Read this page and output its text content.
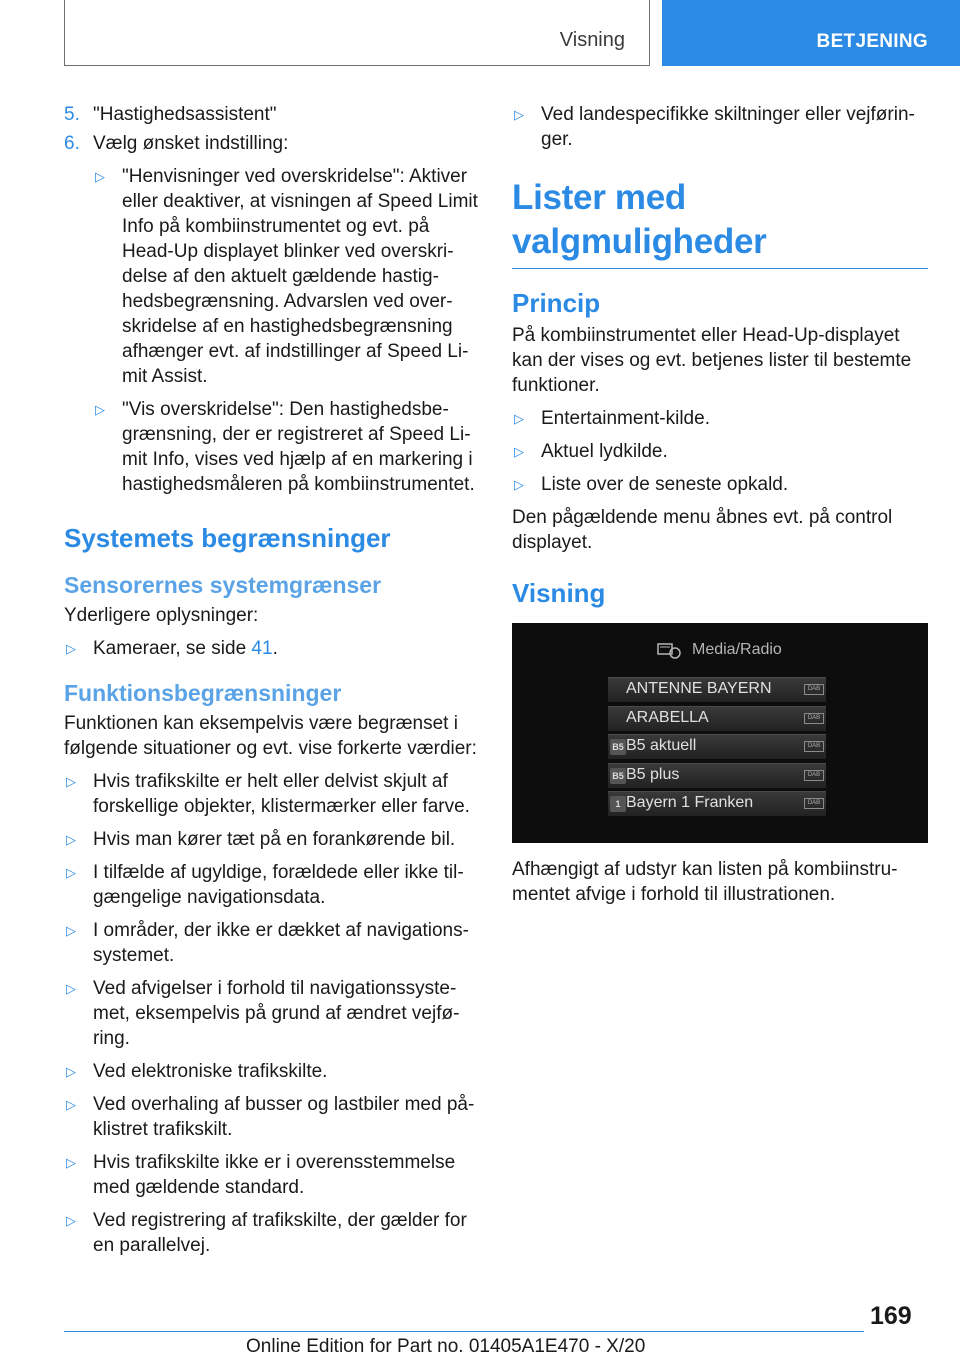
Visning	BETJENING
5. "Hastighedsassistent"
6. Vælg ønsket indstilling:
▷ "Henvisninger ved overskridelse": Aktiver eller deaktiver, at visningen af Speed Limit Info på kombiinstrumentet og evt. på Head-Up displayet blinker ved overskridelse af den aktuelt gældende hastighedsbegrænsning. Advarslen ved overskridelse af en hastighedsbegrænsning afhænger evt. af indstillinger af Speed Limit Assist.
▷ "Vis overskridelse": Den hastighedsbegrænsning, der er registreret af Speed Limit Info, vises ved hjælp af en markering i hastighedsmåleren på kombiinstrumentet.
Systemets begrænsninger
Sensorernes systemgrænser
Yderligere oplysninger:
▷ Kameraer, se side 41.
Funktionsbegrænsninger
Funktionen kan eksempelvis være begrænset i følgende situationer og evt. vise forkerte værdier:
▷ Hvis trafikskilte er helt eller delvist skjult af forskellige objekter, klistermærker eller farve.
▷ Hvis man kører tæt på en forankørende bil.
▷ I tilfælde af ugyldige, forældede eller ikke tilgængelige navigationsdata.
▷ I områder, der ikke er dækket af navigationssystemet.
▷ Ved afvigelser i forhold til navigationssystemet, eksempelvis på grund af ændret vejføring.
▷ Ved elektroniske trafikskilte.
▷ Ved overhaling af busser og lastbiler med påklistret trafikskilt.
▷ Hvis trafikskilte ikke er i overensstemmelse med gældende standard.
▷ Ved registrering af trafikskilte, der gælder for en parallelvej.
▷ Ved landespecifikke skiltninger eller vejføringer.
Lister med valgmuligheder
Princip
På kombiinstrumentet eller Head-Up-displayet kan der vises og evt. betjenes lister til bestemte funktioner.
▷ Entertainment-kilde.
▷ Aktuel lydkilde.
▷ Liste over de seneste opkald.
Den pågældende menu åbnes evt. på control displayet.
Visning
Media/Radio
ANTENNE BAYERN	DAB
ARABELLA	DAB
B5 B5 aktuell	DAB
B5 B5 plus	DAB
1 Bayern 1 Franken	DAB
Afhængigt af udstyr kan listen på kombiinstrumentet afvige i forhold til illustrationen.
169
Online Edition for Part no. 01405A1E470 - X/20
